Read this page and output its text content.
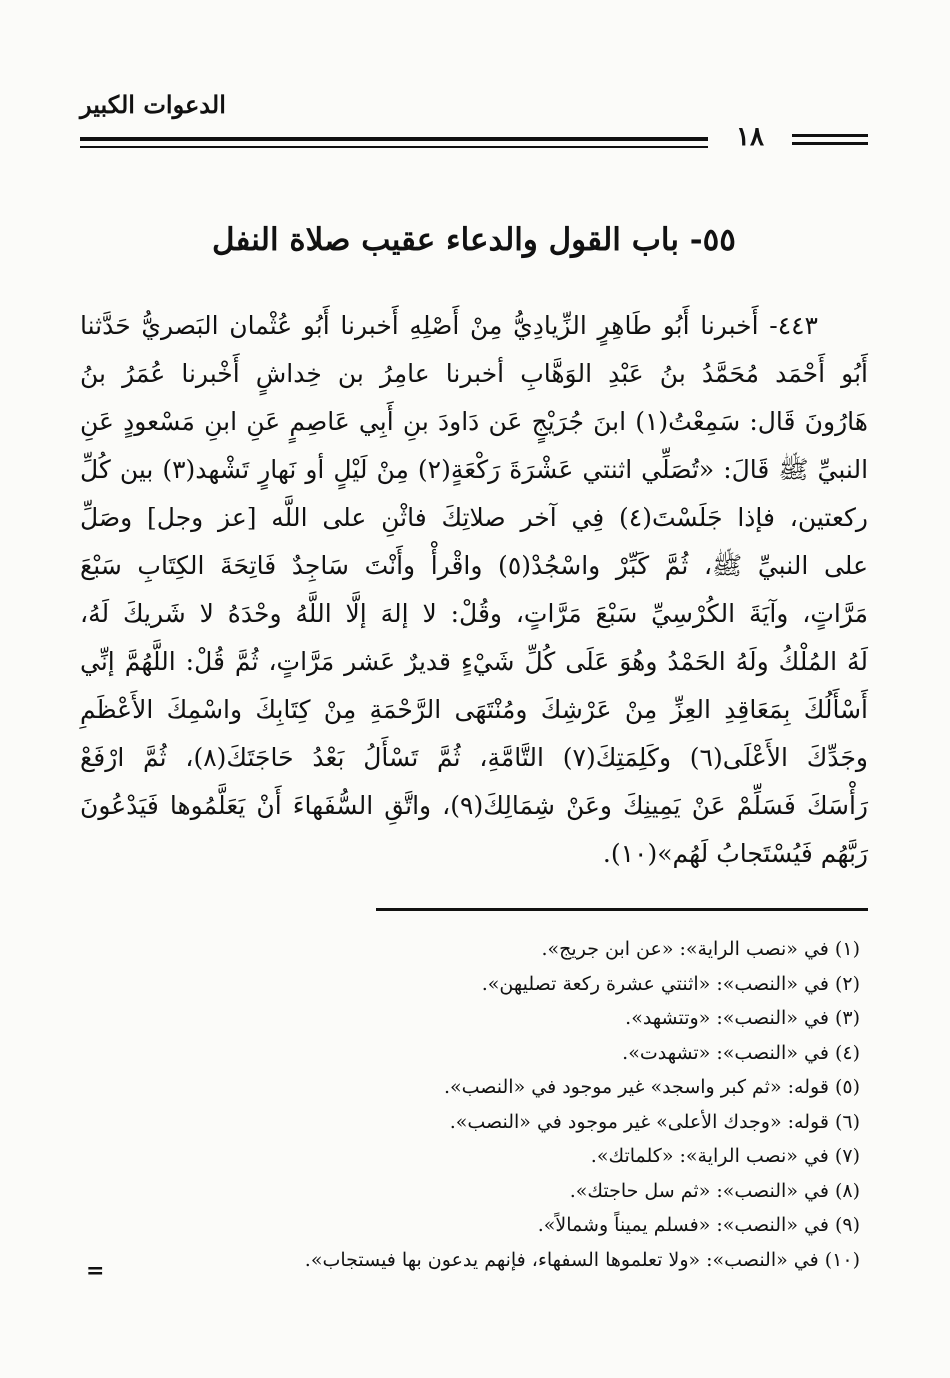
الدعوات الكبير
١٨
٥٥- باب القول والدعاء عقيب صلاة النفل
٤٤٣- أَخبرنا أَبُو طَاهِرٍ الزِّيادِيُّ مِنْ أَصْلِهِ أَخبرنا أَبُو عُثْمان البَصريُّ حَدَّثنا
أَبُو أَحْمَد مُحَمَّدُ بنُ عَبْدِ الوَهَّابِ أخبرنا عامِرُ بن خِداشٍ أَخْبرنا عُمَرُ بنُ
هَارُونَ قَال: سَمِعْتُ(١) ابنَ جُرَيْجٍ عَن دَاودَ بنِ أَبِي عَاصِمٍ عَنِ ابنِ مَسْعودٍ عَنِ
النبيِّ ﷺ قَالَ: «تُصَلِّي اثنتي عَشْرَةَ رَكْعَةٍ(٢) مِنْ لَيْلٍ أو نَهارٍ تَشْهد(٣) بين كُلِّ
ركعتين، فإذا جَلَسْتَ(٤) فِي آخر صلاتِكَ فاثْنِ على اللَّه [عز وجل] وصَلِّ
على النبيِّ ﷺ، ثُمَّ كَبِّرْ واسْجُدْ(٥) واقْرأْ وأَنْتَ سَاجِدٌ فَاتِحَةَ الكِتَابِ سَبْعَ
مَرَّاتٍ، وآيَةَ الكُرْسِيِّ سَبْعَ مَرَّاتٍ، وقُلْ: لا إلهَ إلَّا اللَّهُ وحْدَهُ لا شَريكَ لَهُ،
لَهُ المُلْكُ ولَهُ الحَمْدُ وهُوَ عَلَى كُلِّ شَيْءٍ قديرٌ عَشر مَرَّاتٍ، ثُمَّ قُلْ: اللَّهُمَّ إنِّي
أَسْأَلُكَ بِمَعَاقِدِ العِزِّ مِنْ عَرْشِكَ ومُنْتَهَى الرَّحْمَةِ مِنْ كِتَابِكَ واسْمِكَ الأَعْظَمِ
وجَدِّكَ الأَعْلَى(٦) وكَلِمَتِكَ(٧) التَّامَّةِ، ثُمَّ تَسْأَلُ بَعْدُ حَاجَتَكَ(٨)، ثُمَّ ارْفَعْ
رَأْسَكَ فَسَلِّمْ عَنْ يَمِينِكَ وعَنْ شِمَالِكَ(٩)، واتَّقِ السُّفَهاءَ أَنْ يَعَلَّمُوها فَيَدْعُونَ
رَبَّهُم فَيُسْتَجابُ لَهُم»(١٠).
(١) في «نصب الراية»: «عن ابن جريج».
(٢) في «النصب»: «اثنتي عشرة ركعة تصليهن».
(٣) في «النصب»: «وتتشهد».
(٤) في «النصب»: «تشهدت».
(٥) قوله: «ثم كبر واسجد» غير موجود في «النصب».
(٦) قوله: «وجدك الأعلى» غير موجود في «النصب».
(٧) في «نصب الراية»: «كلماتك».
(٨) في «النصب»: «ثم سل حاجتك».
(٩) في «النصب»: «فسلم يميناً وشمالاً».
(١٠) في «النصب»: «ولا تعلموها السفهاء، فإنهم يدعون بها فيستجاب».
=
